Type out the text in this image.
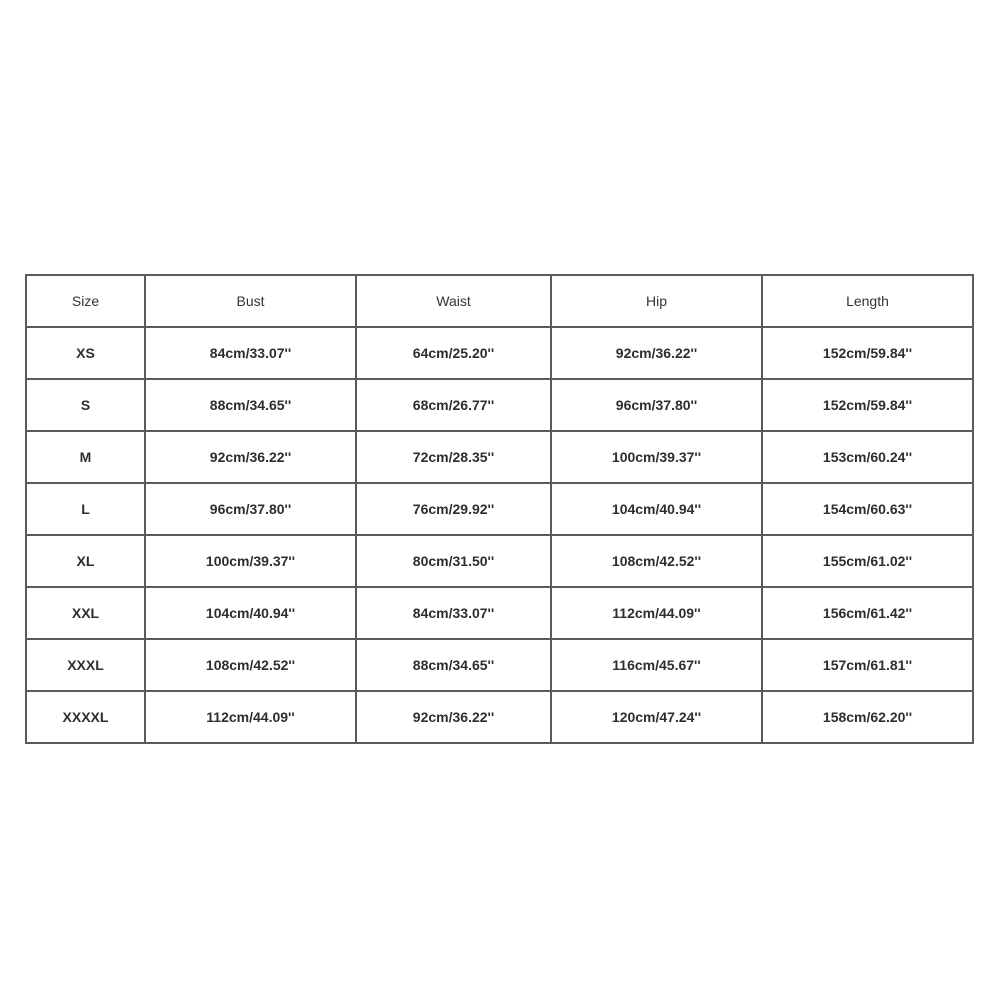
Size	Bust	Waist	Hip	Length
XS	84cm/33.07''	64cm/25.20''	92cm/36.22''	152cm/59.84''
S	88cm/34.65''	68cm/26.77''	96cm/37.80''	152cm/59.84''
M	92cm/36.22''	72cm/28.35''	100cm/39.37''	153cm/60.24''
L	96cm/37.80''	76cm/29.92''	104cm/40.94''	154cm/60.63''
XL	100cm/39.37''	80cm/31.50''	108cm/42.52''	155cm/61.02''
XXL	104cm/40.94''	84cm/33.07''	112cm/44.09''	156cm/61.42''
XXXL	108cm/42.52''	88cm/34.65''	116cm/45.67''	157cm/61.81''
XXXXL	112cm/44.09''	92cm/36.22''	120cm/47.24''	158cm/62.20''
